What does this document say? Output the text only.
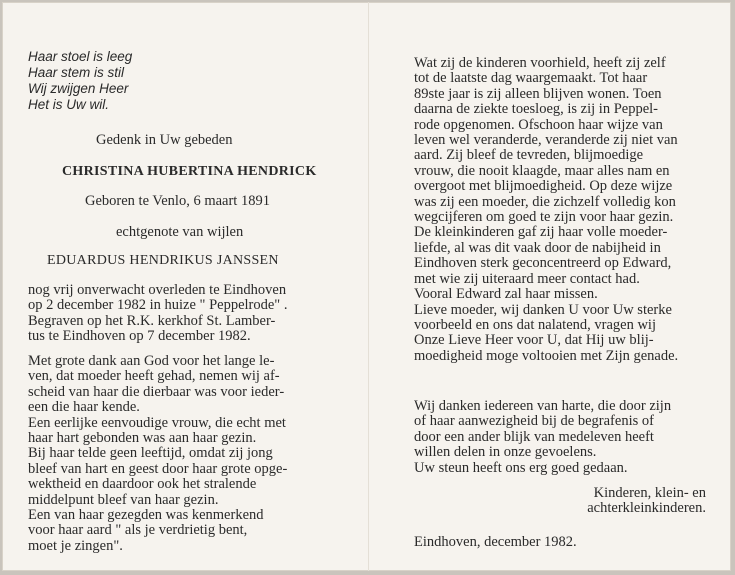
Haar stoel is leeg
Haar stem is stil
Wij zwijgen Heer
Het is Uw wil.
Gedenk in Uw gebeden
CHRISTINA HUBERTINA HENDRICK
Geboren te Venlo, 6 maart 1891
echtgenote van wijlen
EDUARDUS HENDRIKUS JANSSEN
nog vrij onverwacht overleden te Eindhoven
op 2 december 1982 in huize " Peppelrode" .
Begraven op het R.K. kerkhof St. Lamber-
tus te Eindhoven op 7 december 1982.
Met grote dank aan God voor het lange le-
ven, dat moeder heeft gehad, nemen wij af-
scheid van haar die dierbaar was voor ieder-
een die haar kende.
Een eerlijke eenvoudige vrouw, die echt met
haar hart gebonden was aan haar gezin.
Bij haar telde geen leeftijd, omdat zij jong
bleef van hart en geest door haar grote opge-
wektheid en daardoor ook het stralende
middelpunt bleef van haar gezin.
Een van haar gezegden was kenmerkend
voor haar aard " als je verdrietig bent,
moet je zingen".
Wat zij de kinderen voorhield, heeft zij zelf
tot de laatste dag waargemaakt. Tot haar
89ste jaar is zij alleen blijven wonen. Toen
daarna de ziekte toesloeg, is zij in Peppel-
rode opgenomen. Ofschoon haar wijze van
leven wel veranderde, veranderde zij niet van
aard. Zij bleef de tevreden, blijmoedige
vrouw, die nooit klaagde, maar alles nam en
overgoot met blijmoedigheid. Op deze wijze
was zij een moeder, die zichzelf volledig kon
wegcijferen om goed te zijn voor haar gezin.
De kleinkinderen gaf zij haar volle moeder-
liefde, al was dit vaak door de nabijheid in
Eindhoven sterk geconcentreerd op Edward,
met wie zij uiteraard meer contact had.
Vooral Edward zal haar missen.
Lieve moeder, wij danken U voor Uw sterke
voorbeeld en ons dat nalatend, vragen wij
Onze Lieve Heer voor U, dat Hij uw blij-
moedigheid moge voltooien met Zijn genade.
Wij danken iedereen van harte, die door zijn
of haar aanwezigheid bij de begrafenis of
door een ander blijk van medeleven heeft
willen delen in onze gevoelens.
Uw steun heeft ons erg goed gedaan.
Kinderen, klein- en
achterkleinkinderen.
Eindhoven, december 1982.
